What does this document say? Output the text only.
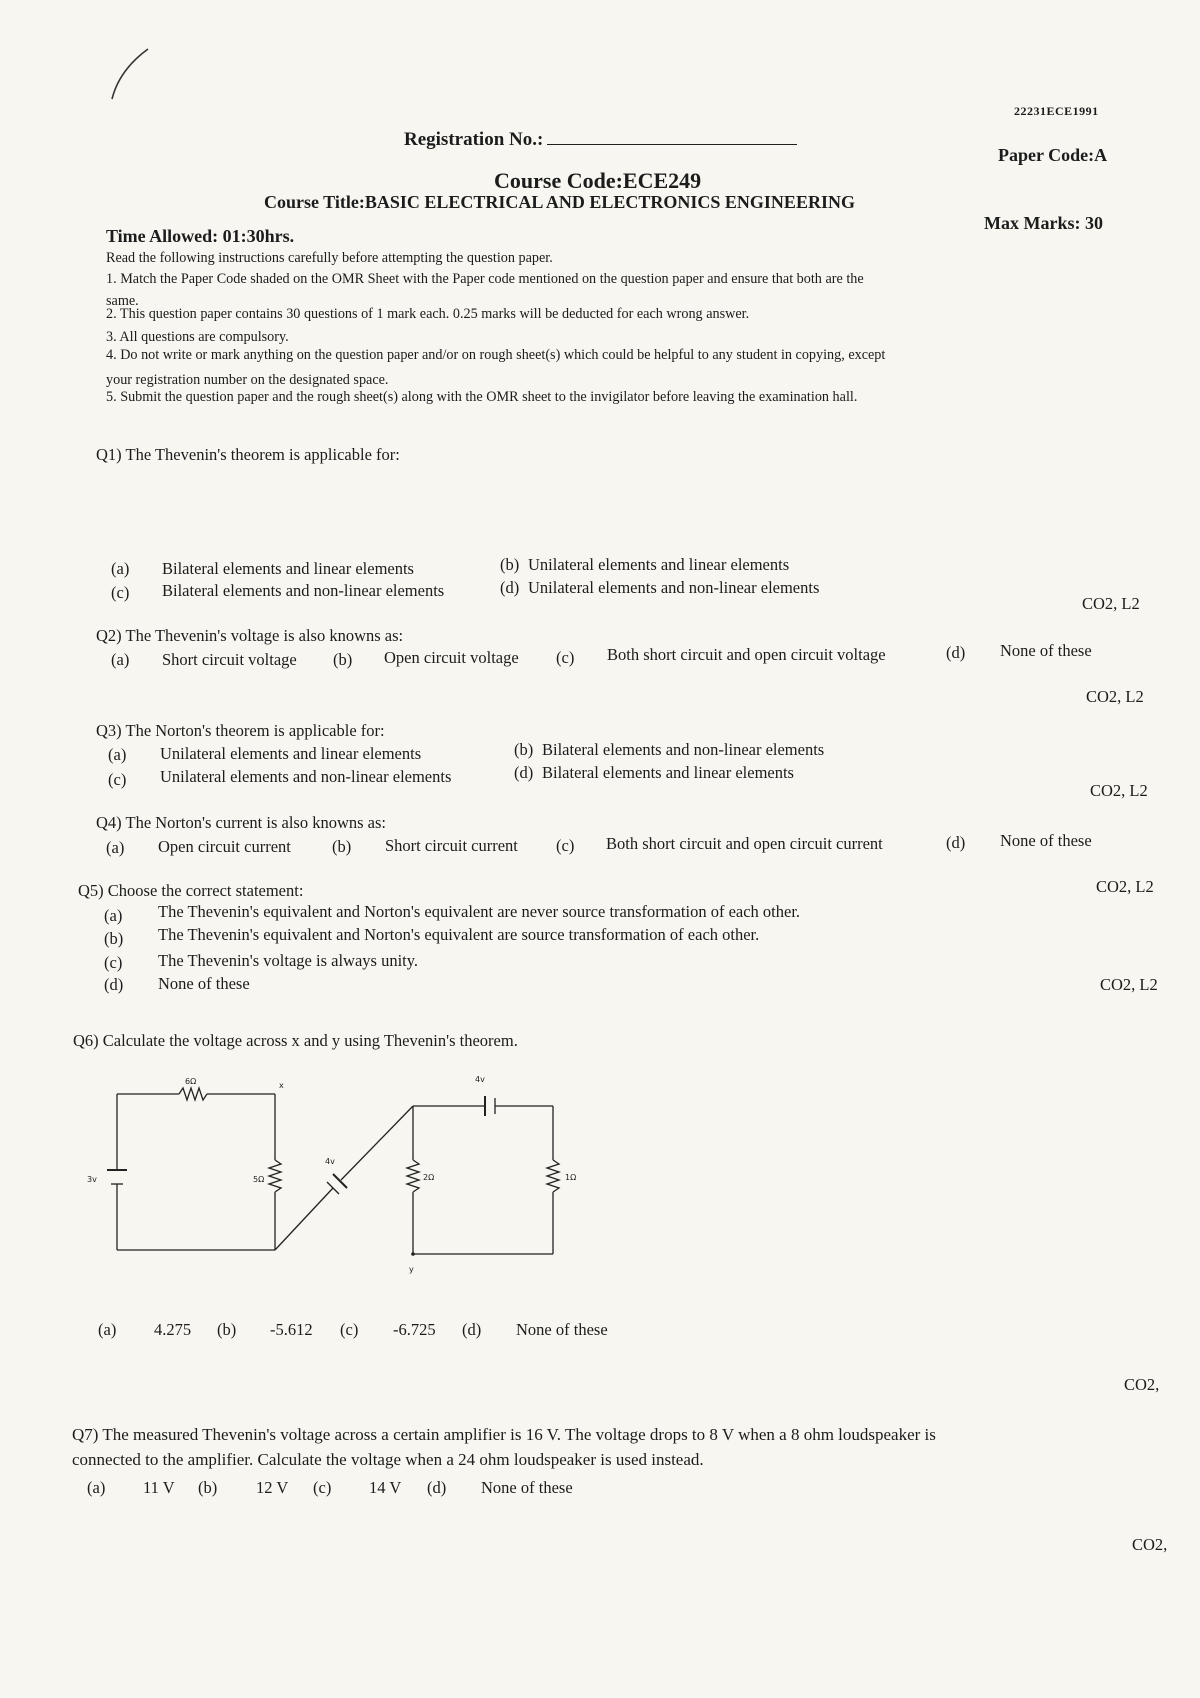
22231ECE1991
Registration No.:
Paper Code:A
Course Code:ECE249
Course Title:BASIC ELECTRICAL AND ELECTRONICS ENGINEERING
Max Marks: 30
Time Allowed: 01:30hrs.
Read the following instructions carefully before attempting the question paper.
1. Match the Paper Code shaded on the OMR Sheet with the Paper code mentioned on the question paper and ensure that both are the
same.
2. This question paper contains 30 questions of 1 mark each. 0.25 marks will be deducted for each wrong answer.
3. All questions are compulsory.
4. Do not write or mark anything on the question paper and/or on rough sheet(s) which could be helpful to any student in copying, except
your registration number on the designated space.
5. Submit the question paper and the rough sheet(s) along with the OMR sheet to the invigilator before leaving the examination hall.
Q1) The Thevenin's theorem is applicable for:
(a) Bilateral elements and linear elements	(b) Unilateral elements and linear elements
(c) Bilateral elements and non-linear elements	(d) Unilateral elements and non-linear elements
CO2, L2
Q2) The Thevenin's voltage is also knowns as:
(a) Short circuit voltage (b) Open circuit voltage (c) Both short circuit and open circuit voltage	(d) None of these
CO2, L2
Q3) The Norton's theorem is applicable for:
(a) Unilateral elements and linear elements	(b) Bilateral elements and non-linear elements
(c) Unilateral elements and non-linear elements	(d) Bilateral elements and linear elements
CO2, L2
Q4) The Norton's current is also knowns as:
(a) Open circuit current (b) Short circuit current (c) Both short circuit and open circuit current	(d) None of these
CO2, L2
Q5) Choose the correct statement:
(a) The Thevenin's equivalent and Norton's equivalent are never source transformation of each other.
(b) The Thevenin's equivalent and Norton's equivalent are source transformation of each other.
(c) The Thevenin's voltage is always unity.
(d) None of these	CO2, L2
Q6) Calculate the voltage across x and y using Thevenin's theorem.
6Ω
3v	5Ω
4v
2Ω	1Ω
4v
x
y
(a) 4.275 (b) -5.612 (c) -6.725 (d) None of these
CO2,
Q7) The measured Thevenin's voltage across a certain amplifier is 16 V. The voltage drops to 8 V when a 8 ohm loudspeaker is
connected to the amplifier. Calculate the voltage when a 24 ohm loudspeaker is used instead.
(a) 11 V (b) 12 V (c) 14 V (d) None of these
CO2,
